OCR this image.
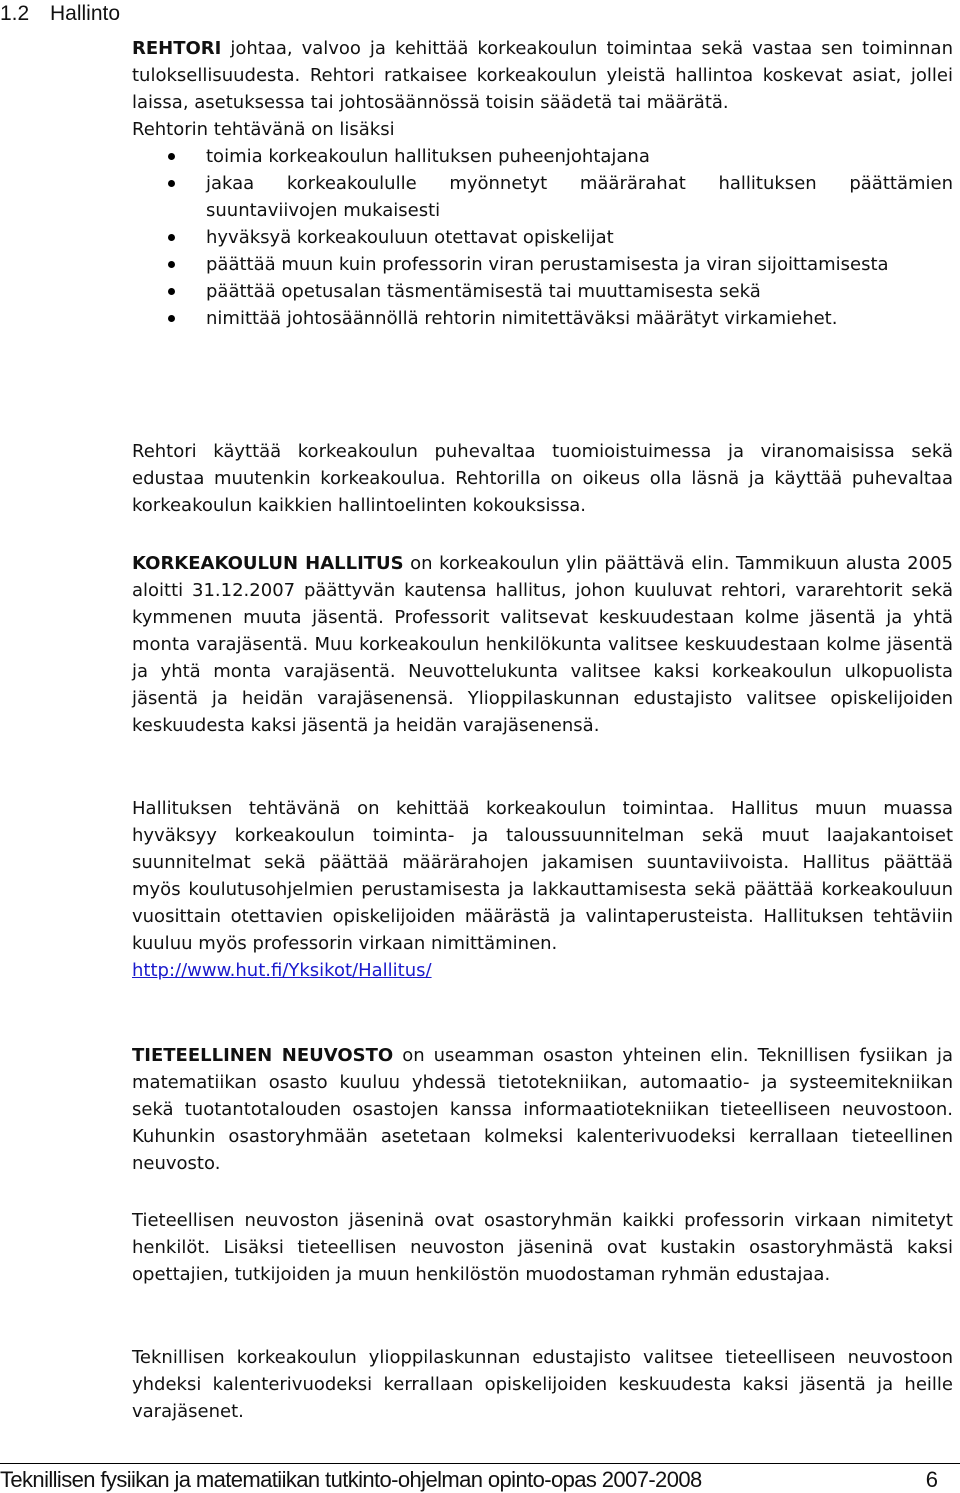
1.2 Hallinto

REHTORI johtaa, valvoo ja kehittää korkeakoulun toimintaa sekä vastaa sen toiminnan tuloksellisuudesta. Rehtori ratkaisee korkeakoulun yleistä hallintoa koskevat asiat, jollei laissa, asetuksessa tai johtosäännössä toisin säädetä tai määrätä.

Rehtorin tehtävänä on lisäksi

toimia korkeakoulun hallituksen puheenjohtajana
jakaa korkeakoululle myönnetyt määrärahat hallituksen päättämien suuntaviivojen mukaisesti
hyväksyä korkeakouluun otettavat opiskelijat
päättää muun kuin professorin viran perustamisesta ja viran sijoittamisesta
päättää opetusalan täsmentämisestä tai muuttamisesta sekä
nimittää johtosäännöllä rehtorin nimitettäväksi määrätyt virkamiehet.

Rehtori käyttää korkeakoulun puhevaltaa tuomioistuimessa ja viranomaisissa sekä edustaa muutenkin korkeakoulua. Rehtorilla on oikeus olla läsnä ja käyttää puhevaltaa korkeakoulun kaikkien hallintoelinten kokouksissa.

KORKEAKOULUN HALLITUS on korkeakoulun ylin päättävä elin. Tammikuun alusta 2005 aloitti 31.12.2007 päättyvän kautensa hallitus, johon kuuluvat rehtori, vararehtorit sekä kymmenen muuta jäsentä. Professorit valitsevat keskuudestaan kolme jäsentä ja yhtä monta varajäsentä. Muu korkeakoulun henkilökunta valitsee keskuudestaan kolme jäsentä ja yhtä monta varajäsentä. Neuvottelukunta valitsee kaksi korkeakoulun ulkopuolista jäsentä ja heidän varajäsenensä. Ylioppilaskunnan edustajisto valitsee opiskelijoiden keskuudesta kaksi jäsentä ja heidän varajäsenensä.

Hallituksen tehtävänä on kehittää korkeakoulun toimintaa. Hallitus muun muassa hyväksyy korkeakoulun toiminta- ja taloussuunnitelman sekä muut laajakantoiset suunnitelmat sekä päättää määrärahojen jakamisen suuntaviivoista. Hallitus päättää myös koulutusohjelmien perustamisesta ja lakkauttamisesta sekä päättää korkeakouluun vuosittain otettavien opiskelijoiden määrästä ja valintaperusteista. Hallituksen tehtäviin kuuluu myös professorin virkaan nimittäminen.

http://www.hut.fi/Yksikot/Hallitus/

TIETEELLINEN NEUVOSTO on useamman osaston yhteinen elin. Teknillisen fysiikan ja matematiikan osasto kuuluu yhdessä tietotekniikan, automaatio- ja systeemitekniikan sekä tuotantotalouden osastojen kanssa informaatiotekniikan tieteelliseen neuvostoon. Kuhunkin osastoryhmään asetetaan kolmeksi kalenterivuodeksi kerrallaan tieteellinen neuvosto.

Tieteellisen neuvoston jäseninä ovat osastoryhmän kaikki professorin virkaan nimitetyt henkilöt. Lisäksi tieteellisen neuvoston jäseninä ovat kustakin osastoryhmästä kaksi opettajien, tutkijoiden ja muun henkilöstön muodostaman ryhmän edustajaa.

Teknillisen korkeakoulun ylioppilaskunnan edustajisto valitsee tieteelliseen neuvostoon yhdeksi kalenterivuodeksi kerrallaan opiskelijoiden keskuudesta kaksi jäsentä ja heille varajäsenet.

Teknillisen fysiikan ja matematiikan tutkinto-ohjelman opinto-opas 2007-2008	6
